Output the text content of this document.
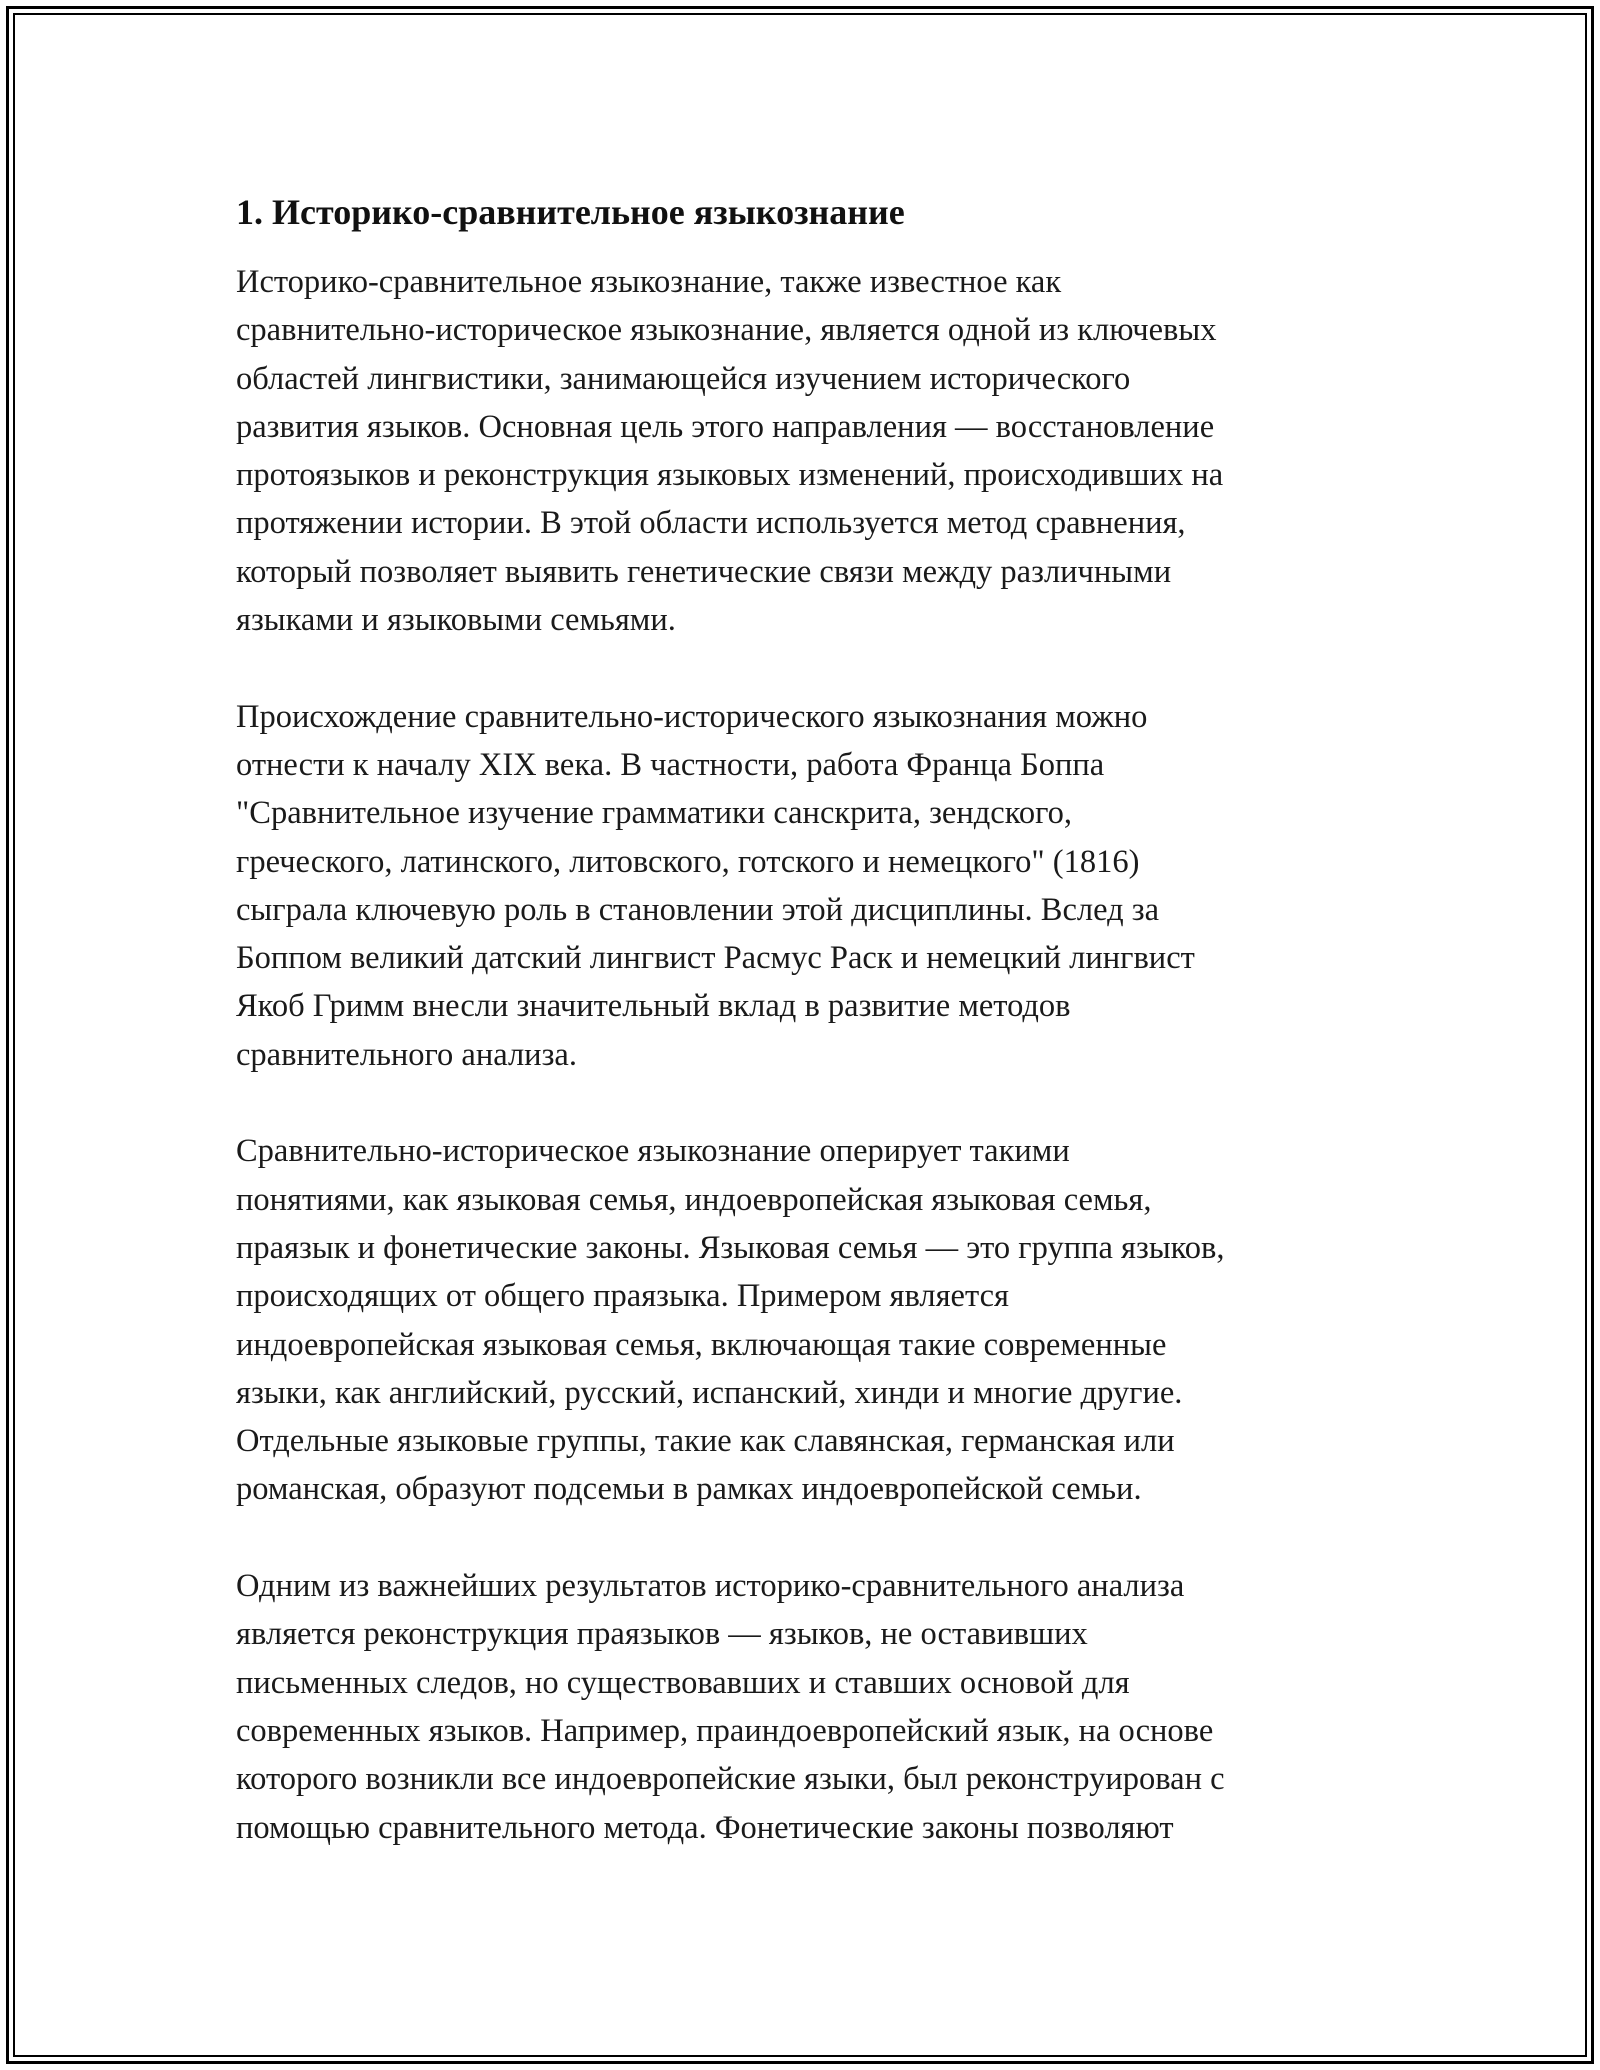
1. Историко-сравнительное языкознание

Историко-сравнительное языкознание, также известное как
сравнительно-историческое языкознание, является одной из ключевых
областей лингвистики, занимающейся изучением исторического
развития языков. Основная цель этого направления — восстановление
протоязыков и реконструкция языковых изменений, происходивших на
протяжении истории. В этой области используется метод сравнения,
который позволяет выявить генетические связи между различными
языками и языковыми семьями.

Происхождение сравнительно-исторического языкознания можно
отнести к началу XIX века. В частности, работа Франца Боппа
"Сравнительное изучение грамматики санскрита, зендского,
греческого, латинского, литовского, готского и немецкого" (1816)
сыграла ключевую роль в становлении этой дисциплины. Вслед за
Боппом великий датский лингвист Расмус Раск и немецкий лингвист
Якоб Гримм внесли значительный вклад в развитие методов
сравнительного анализа.

Сравнительно-историческое языкознание оперирует такими
понятиями, как языковая семья, индоевропейская языковая семья,
праязык и фонетические законы. Языковая семья — это группа языков,
происходящих от общего праязыка. Примером является
индоевропейская языковая семья, включающая такие современные
языки, как английский, русский, испанский, хинди и многие другие.
Отдельные языковые группы, такие как славянская, германская или
романская, образуют подсемьи в рамках индоевропейской семьи.

Одним из важнейших результатов историко-сравнительного анализа
является реконструкция праязыков — языков, не оставивших
письменных следов, но существовавших и ставших основой для
современных языков. Например, праиндоевропейский язык, на основе
которого возникли все индоевропейские языки, был реконструирован с
помощью сравнительного метода. Фонетические законы позволяют
